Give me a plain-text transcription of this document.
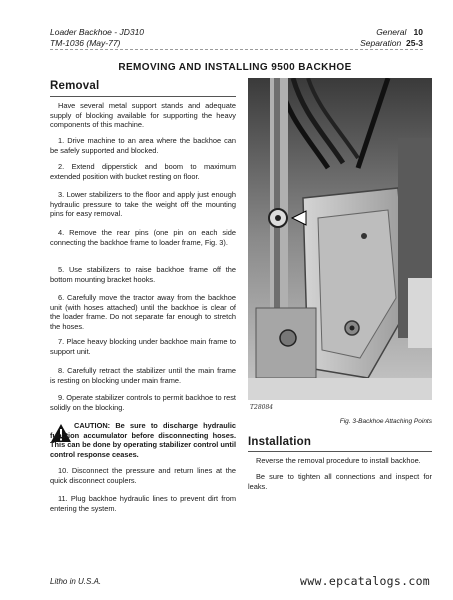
Loader Backhoe - JD310
TM-1036 (May-77)
General 10
Separation 25-3
REMOVING AND INSTALLING 9500 BACKHOE
Removal
Have several metal support stands and adequate supply of blocking available for supporting the heavy components of this machine.
1. Drive machine to an area where the backhoe can be safely supported and blocked.
2. Extend dipperstick and boom to maximum extended position with bucket resting on floor.
3. Lower stabilizers to the floor and apply just enough hydraulic pressure to take the weight off the mounting pins for easy removal.
4. Remove the rear pins (one pin on each side connecting the backhoe frame to loader frame, Fig. 3).
5. Use stabilizers to raise backhoe frame off the bottom mounting bracket hooks.
6. Carefully move the tractor away from the backhoe unit (with hoses attached) until the backhoe is clear of the loader frame. Do not separate far enough to stretch the hoses.
7. Place heavy blocking under backhoe main frame to support unit.
8. Carefully retract the stabilizer until the main frame is resting on blocking under main frame.
9. Operate stabilizer controls to permit backhoe to rest solidly on the blocking.
CAUTION: Be sure to discharge hydraulic function accumulator before disconnecting hoses. This can be done by operating stabilizer control until control response ceases.
10. Disconnect the pressure and return lines at the quick disconnect couplers.
11. Plug backhoe hydraulic lines to prevent dirt from entering the system.
T28084
Fig. 3-Backhoe Attaching Points
Installation
Reverse the removal procedure to install backhoe.
Be sure to tighten all connections and inspect for leaks.
Litho in U.S.A.	www.epcatalogs.com
